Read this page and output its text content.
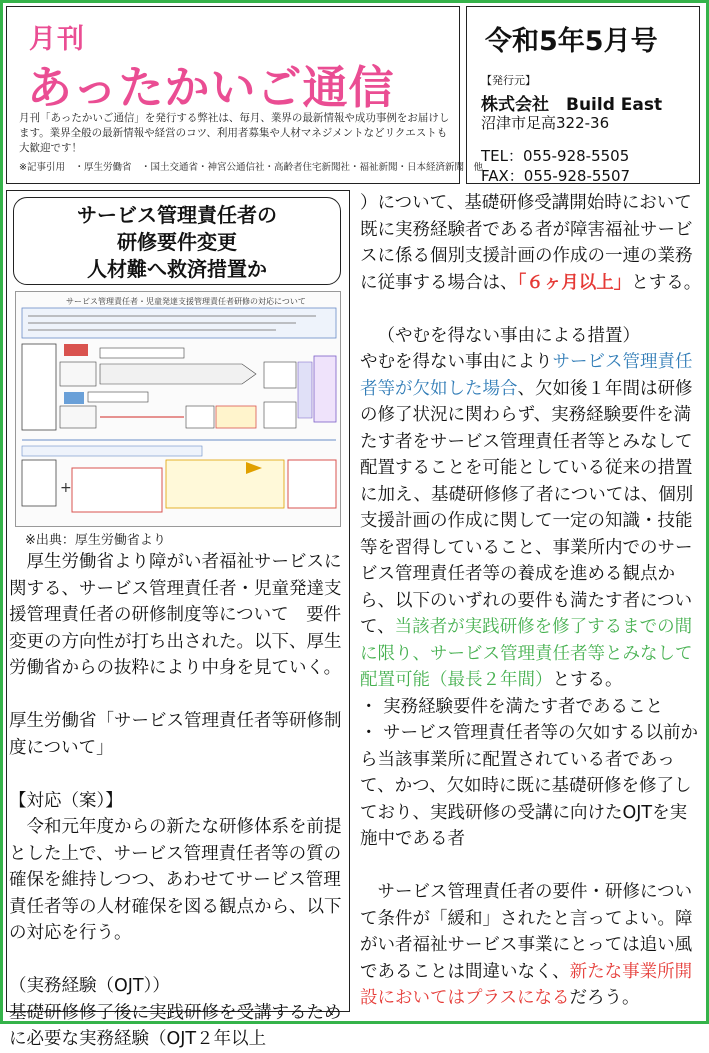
月刊
あったかいご通信
月刊「あったかいご通信」を発行する弊社は、毎月、業界の最新情報や成功事例をお届けします。業界全般の最新情報や経営のコツ、利用者募集や人材マネジメントなどリクエストも大歓迎です！
※記事引用　・厚生労働省　・国土交通省・神宮公通信社・高齢者住宅新聞社・福祉新聞・日本経済新聞　他
令和5年5月号
【発行元】
株式会社　Build East
沼津市足高322-36
TEL：055-928-5505
FAX：055-928-5507
サービス管理責任者の
研修要件変更
人材難へ救済措置か
サービス管理責任者・児童発達支援管理責任者研修の対応について
+
※出典：厚生労働省より

厚生労働省より障がい者福祉サービスに関する、サービス管理責任者・児童発達支援管理責任者の研修制度等について　要件変更の方向性が打ち出された。以下、厚生労働省からの抜粋により中身を見ていく。

厚生労働省「サービス管理責任者等研修制度について」

【対応（案）】

令和元年度からの新たな研修体系を前提とした上で、サービス管理責任者等の質の確保を維持しつつ、あわせてサービス管理責任者等の人材確保を図る観点から、以下の対応を行う。

（実務経験（OJT））

基礎研修修了後に実践研修を受講するために必要な実務経験（OJT２年以上

）について、基礎研修受講開始時において既に実務経験者である者が障害福祉サービスに係る個別支援計画の作成の一連の業務に従事する場合は、「６ヶ月以上」とする。

（やむを得ない事由による措置）

やむを得ない事由によりサービス管理責任者等が欠如した場合、欠如後１年間は研修の修了状況に関わらず、実務経験要件を満たす者をサービス管理責任者等とみなして配置することを可能としている従来の措置に加え、基礎研修修了者については、個別支援計画の作成に関して一定の知識・技能等を習得していること、事業所内でのサービス管理責任者等の養成を進める観点から、以下のいずれの要件も満たす者について、当該者が実践研修を修了するまでの間に限り、サービス管理責任者等とみなして配置可能（最長２年間）とする。

・ 実務経験要件を満たす者であること

・ サービス管理責任者等の欠如する以前から当該事業所に配置されている者であって、かつ、欠如時に既に基礎研修を修了しており、実践研修の受講に向けたOJTを実施中である者

サービス管理責任者の要件・研修について条件が「緩和」されたと言ってよい。障がい者福祉サービス事業にとっては追い風であることは間違いなく、新たな事業所開設においてはプラスになるだろう。
